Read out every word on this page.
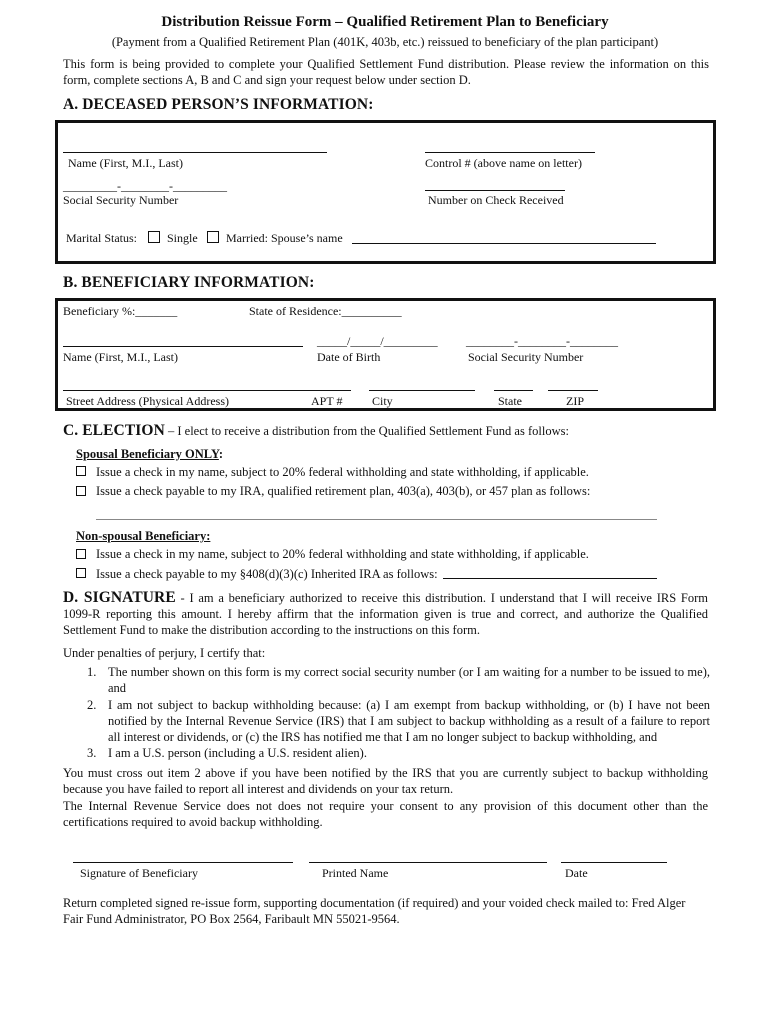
Distribution Reissue Form – Qualified Retirement Plan to Beneficiary
(Payment from a Qualified Retirement Plan (401K, 403b, etc.) reissued to beneficiary of the plan participant)
This form is being provided to complete your Qualified Settlement Fund distribution. Please review the information on this form, complete sections A, B and C and sign your request below under section D.
A. DECEASED PERSON’S INFORMATION:
Name (First, M.I., Last)	Control # (above name on letter)
_________-________-_________
Social Security Number	Number on Check Received
Marital Status:	Single Married: Spouse’s name
B. BENEFICIARY INFORMATION:
Beneficiary %:_______	State of Residence:__________
_____/_____/_________ ________-________-________
Name (First, M.I., Last)	Date of Birth	Social Security Number
Street Address (Physical Address)	APT # City	State	ZIP
C. ELECTION – I elect to receive a distribution from the Qualified Settlement Fund as follows:
Spousal Beneficiary ONLY:
Issue a check in my name, subject to 20% federal withholding and state withholding, if applicable.
Issue a check payable to my IRA, qualified retirement plan, 403(a), 403(b), or 457 plan as follows:
Non-spousal Beneficiary:
Issue a check in my name, subject to 20% federal withholding and state withholding, if applicable.
Issue a check payable to my §408(d)(3)(c) Inherited IRA as follows:
D. SIGNATURE - I am a beneficiary authorized to receive this distribution. I understand that I will receive IRS Form 1099-R reporting this amount. I hereby affirm that the information given is true and correct, and authorize the Qualified Settlement Fund to make the distribution according to the instructions on this form.
Under penalties of perjury, I certify that:
1. The number shown on this form is my correct social security number (or I am waiting for a number to be issued to me), and
2. I am not subject to backup withholding because: (a) I am exempt from backup withholding, or (b) I have not been notified by the Internal Revenue Service (IRS) that I am subject to backup withholding as a result of a failure to report all interest or dividends, or (c) the IRS has notified me that I am no longer subject to backup withholding, and
3. I am a U.S. person (including a U.S. resident alien).
You must cross out item 2 above if you have been notified by the IRS that you are currently subject to backup withholding because you have failed to report all interest and dividends on your tax return.
The Internal Revenue Service does not does not require your consent to any provision of this document other than the certifications required to avoid backup withholding.
Signature of Beneficiary	Printed Name	Date
Return completed signed re-issue form, supporting documentation (if required) and your voided check mailed to: Fred Alger Fair Fund Administrator, PO Box 2564, Faribault MN 55021-9564.
